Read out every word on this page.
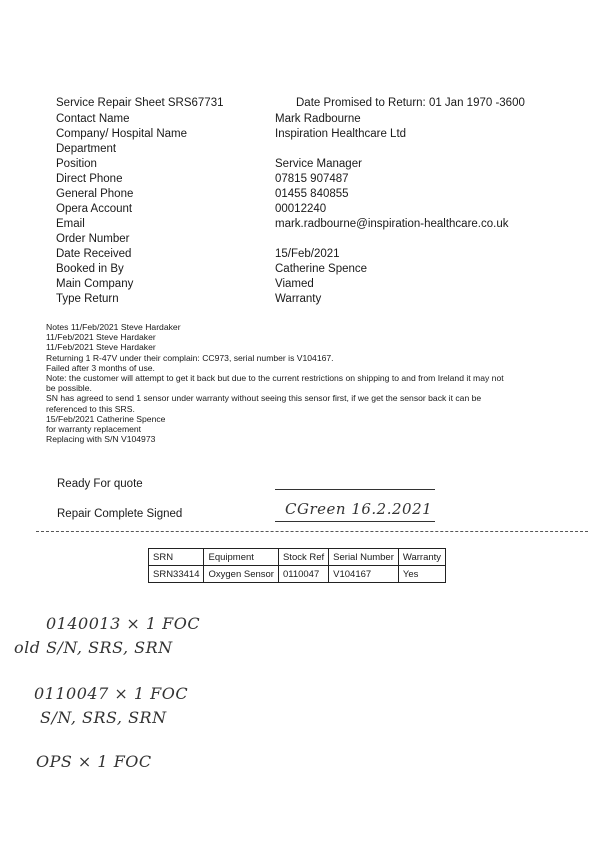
Service Repair Sheet SRS67731	Date Promised to Return: 01 Jan 1970 -3600
Contact Name	Mark Radbourne
Company/ Hospital Name	Inspiration Healthcare Ltd
Department
Position	Service Manager
Direct Phone	07815 907487
General Phone	01455 840855
Opera Account	00012240
Email	mark.radbourne@inspiration-healthcare.co.uk
Order Number
Date Received	15/Feb/2021
Booked in By	Catherine Spence
Main Company	Viamed
Type Return	Warranty
Notes 11/Feb/2021 Steve Hardaker
11/Feb/2021 Steve Hardaker
11/Feb/2021 Steve Hardaker
Returning 1 R-47V under their complain: CC973, serial number is V104167.
Failed after 3 months of use.
Note: the customer will attempt to get it back but due to the current restrictions on shipping to and from Ireland it may not
be possible.
SN has agreed to send 1 sensor under warranty without seeing this sensor first, if we get the sensor back it can be
referenced to this SRS.
15/Feb/2021 Catherine Spence
for warranty replacement
Replacing with S/N V104973
Ready For quote
Repair Complete Signed	CGreen 16.2.2021
SRN	Equipment	Stock Ref	Serial Number	Warranty
SRN33414	Oxygen Sensor	0110047	V104167	Yes
0140013 × 1 FOC
old S/N, SRS, SRN
0110047 × 1 FOC
S/N, SRS, SRN
OPS × 1 FOC
